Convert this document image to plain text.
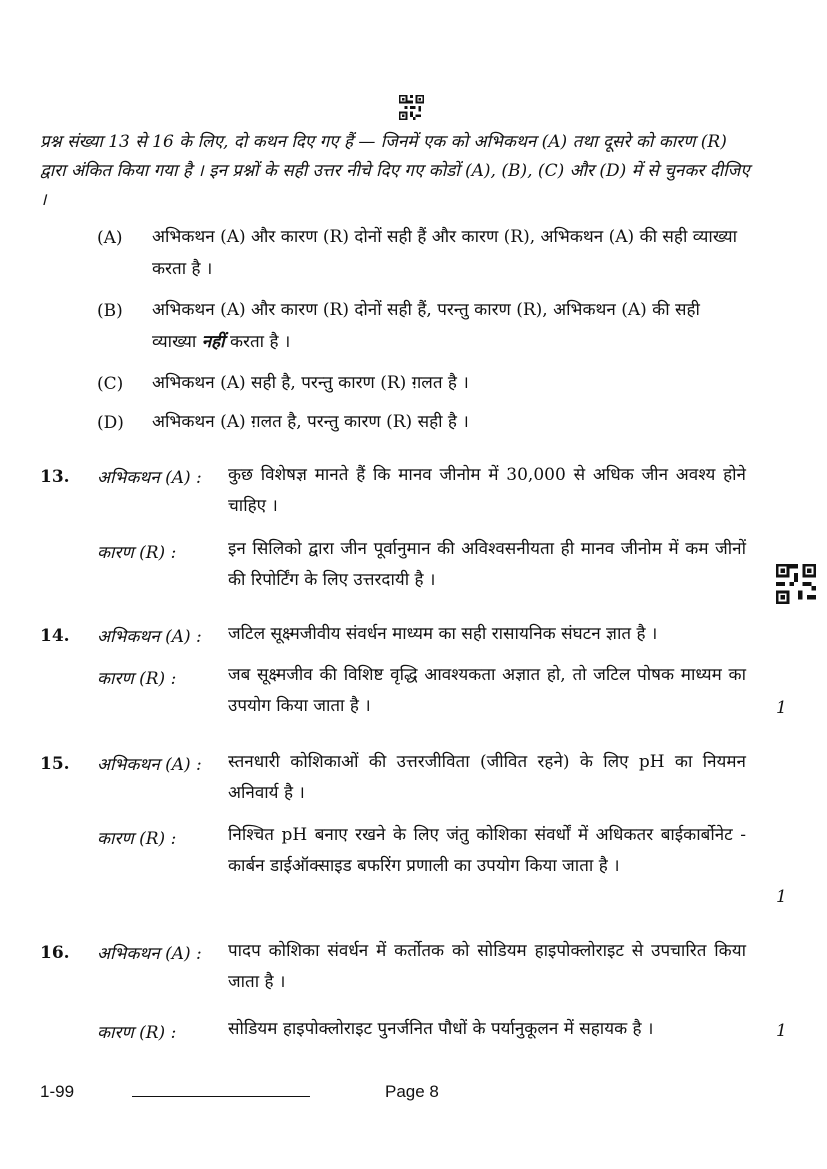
प्रश्न संख्या 13 से 16 के लिए, दो कथन दिए गए हैं — जिनमें एक को अभिकथन (A) तथा दूसरे को कारण (R) द्वारा अंकित किया गया है । इन प्रश्नों के सही उत्तर नीचे दिए गए कोडों (A), (B), (C) और (D) में से चुनकर दीजिए ।
(A)	अभिकथन (A) और कारण (R) दोनों सही हैं और कारण (R), अभिकथन (A) की सही व्याख्या करता है ।
(B)	अभिकथन (A) और कारण (R) दोनों सही हैं, परन्तु कारण (R), अभिकथन (A) की सही व्याख्या नहीं करता है ।
(C)	अभिकथन (A) सही है, परन्तु कारण (R) ग़लत है ।
(D)	अभिकथन (A) ग़लत है, परन्तु कारण (R) सही है ।
13. अभिकथन (A) : कुछ विशेषज्ञ मानते हैं कि मानव जीनोम में 30,000 से अधिक जीन अवश्य होने चाहिए ।
कारण (R) :	इन सिलिको द्वारा जीन पूर्वानुमान की अविश्वसनीयता ही मानव जीनोम में कम जीनों की रिपोर्टिंग के लिए उत्तरदायी है ।
14. अभिकथन (A) : जटिल सूक्ष्मजीवीय संवर्धन माध्यम का सही रासायनिक संघटन ज्ञात है ।
कारण (R) :	जब सूक्ष्मजीव की विशिष्ट वृद्धि आवश्यकता अज्ञात हो, तो जटिल पोषक माध्यम का उपयोग किया जाता है ।	1
15. अभिकथन (A) : स्तनधारी कोशिकाओं की उत्तरजीविता (जीवित रहने) के लिए pH का नियमन अनिवार्य है ।
कारण (R) :	निश्चित pH बनाए रखने के लिए जंतु कोशिका संवर्धों में अधिकतर बाईकार्बोनेट - कार्बन डाईऑक्साइड बफरिंग प्रणाली का उपयोग किया जाता है ।
1
16. अभिकथन (A) : पादप कोशिका संवर्धन में कर्तोतक को सोडियम हाइपोक्लोराइट से उपचारित किया जाता है ।
कारण (R) :	सोडियम हाइपोक्लोराइट पुनर्जनित पौधों के पर्यानुकूलन में सहायक है ।	1
1-99	Page 8
